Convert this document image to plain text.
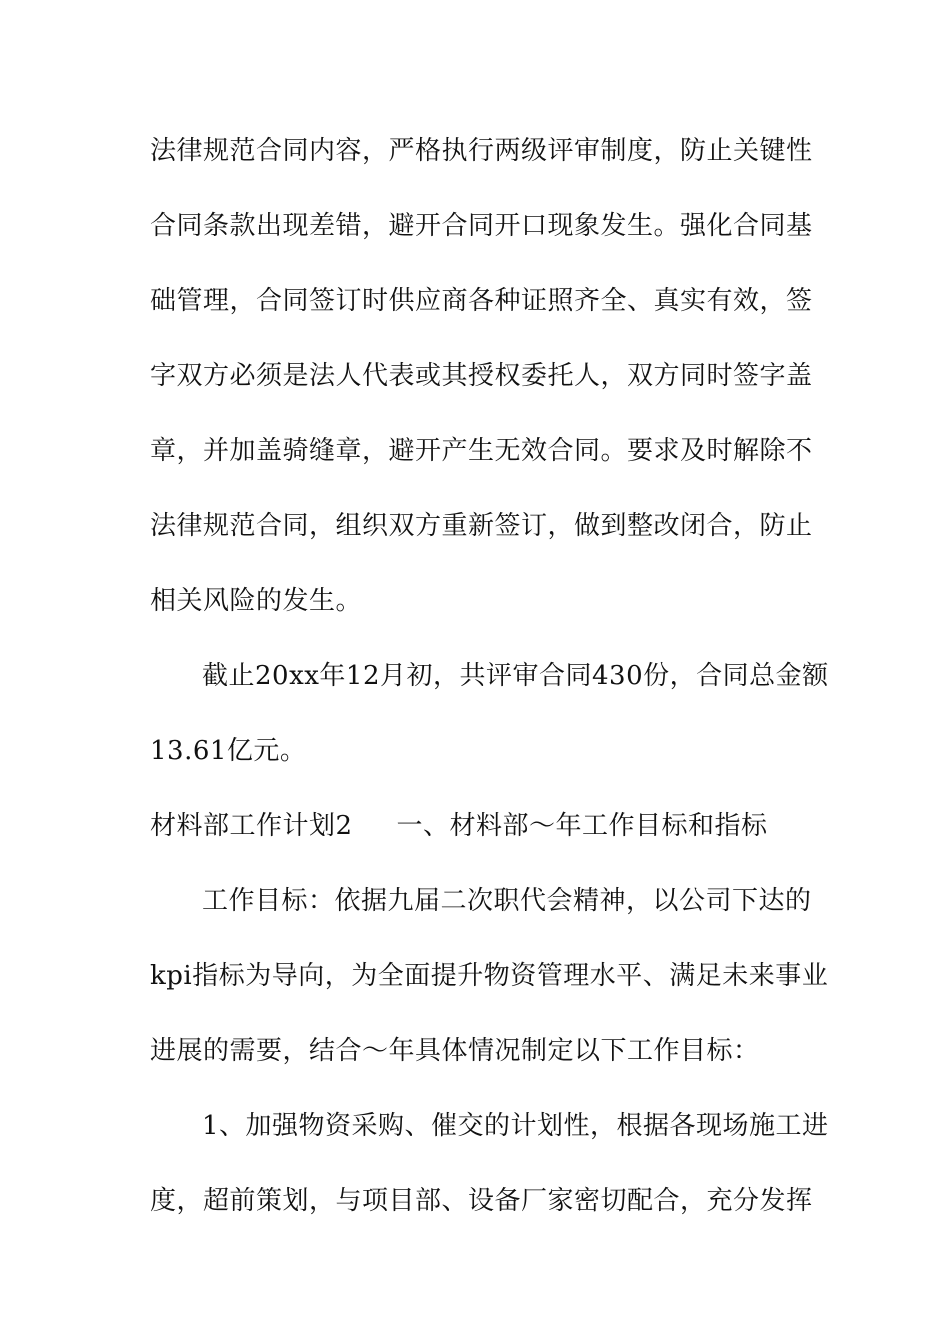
法律规范合同内容，严格执行两级评审制度，防止关键性
合同条款出现差错，避开合同开口现象发生。强化合同基
础管理，合同签订时供应商各种证照齐全、真实有效，签
字双方必须是法人代表或其授权委托人，双方同时签字盖
章，并加盖骑缝章，避开产生无效合同。要求及时解除不
法律规范合同，组织双方重新签订，做到整改闭合，防止
相关风险的发生。
截止20xx年12月初，共评审合同430份，合同总金额
13.61亿元。
材料部工作计划2 一、材料部～年工作目标和指标
工作目标：依据九届二次职代会精神，以公司下达的
kpi指标为导向，为全面提升物资管理水平、满足未来事业
进展的需要，结合～年具体情况制定以下工作目标：
1、加强物资采购、催交的计划性，根据各现场施工进
度，超前策划，与项目部、设备厂家密切配合，充分发挥
